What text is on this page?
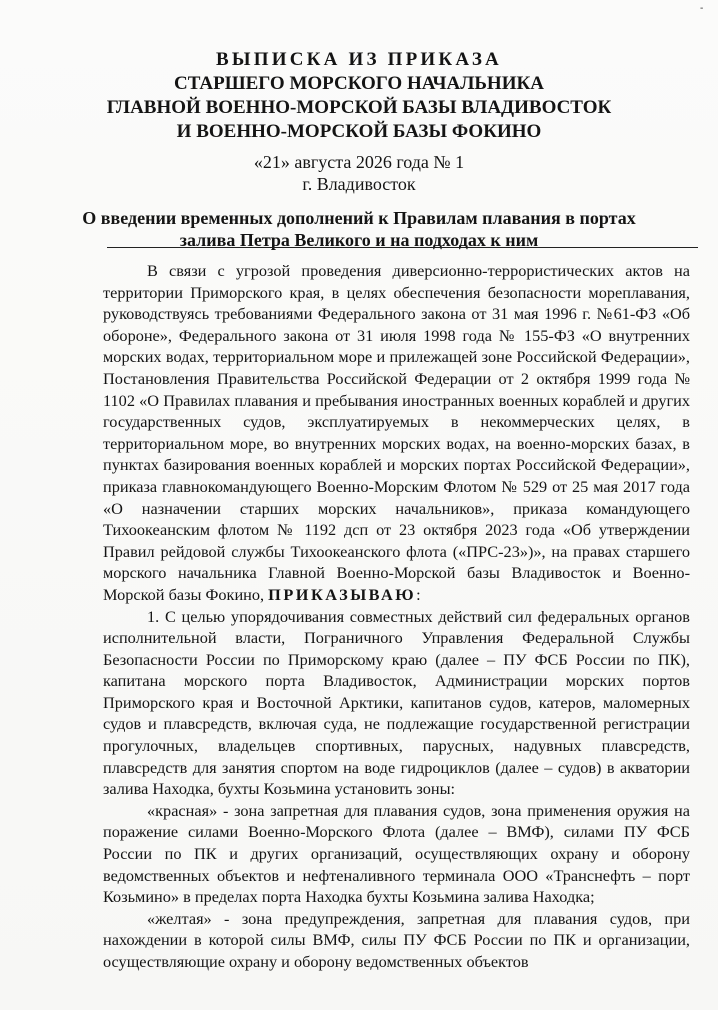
-
ВЫПИСКА ИЗ ПРИКАЗА
СТАРШЕГО МОРСКОГО НАЧАЛЬНИКА
ГЛАВНОЙ ВОЕННО-МОРСКОЙ БАЗЫ ВЛАДИВОСТОК
И ВОЕННО-МОРСКОЙ БАЗЫ ФОКИНО
«21» августа 2026 года № 1
г. Владивосток
О введении временных дополнений к Правилам плавания в портах
залива Петра Великого и на подходах к ним

В связи с угрозой проведения диверсионно-террористических актов на территории Приморского края, в целях обеспечения безопасности мореплавания, руководствуясь требованиями Федерального закона от 31 мая 1996 г. №61-ФЗ «Об обороне», Федерального закона от 31 июля 1998 года № 155-ФЗ «О внутренних морских водах, территориальном море и прилежащей зоне Российской Федерации», Постановления Правительства Российской Федерации от 2 октября 1999 года № 1102 «О Правилах плавания и пребывания иностранных военных кораблей и других государственных судов, эксплуатируемых в некоммерческих целях, в территориальном море, во внутренних морских водах, на военно-морских базах, в пунктах базирования военных кораблей и морских портах Российской Федерации», приказа главнокомандующего Военно-Морским Флотом № 529 от 25 мая 2017 года «О назначении старших морских начальников», приказа командующего Тихоокеанским флотом № 1192 дсп от 23 октября 2023 года «Об утверждении Правил рейдовой службы Тихоокеанского флота («ПРС-23»)», на правах старшего морского начальника Главной Военно-Морской базы Владивосток и Военно-Морской базы Фокино, ПРИКАЗЫВАЮ:

1. С целью упорядочивания совместных действий сил федеральных органов исполнительной власти, Пограничного Управления Федеральной Службы Безопасности России по Приморскому краю (далее – ПУ ФСБ России по ПК), капитана морского порта Владивосток, Администрации морских портов Приморского края и Восточной Арктики, капитанов судов, катеров, маломерных судов и плавсредств, включая суда, не подлежащие государственной регистрации прогулочных, владельцев спортивных, парусных, надувных плавсредств, плавсредств для занятия спортом на воде гидроциклов (далее – судов) в акватории залива Находка, бухты Козьмина установить зоны:

«красная» - зона запретная для плавания судов, зона применения оружия на поражение силами Военно-Морского Флота (далее – ВМФ), силами ПУ ФСБ России по ПК и других организаций, осуществляющих охрану и оборону ведомственных объектов и нефтеналивного терминала ООО «Транснефть – порт Козьмино» в пределах порта Находка бухты Козьмина залива Находка;

«желтая» - зона предупреждения, запретная для плавания судов, при нахождении в которой силы ВМФ, силы ПУ ФСБ России по ПК и организации, осуществляющие охрану и оборону ведомственных объектов
